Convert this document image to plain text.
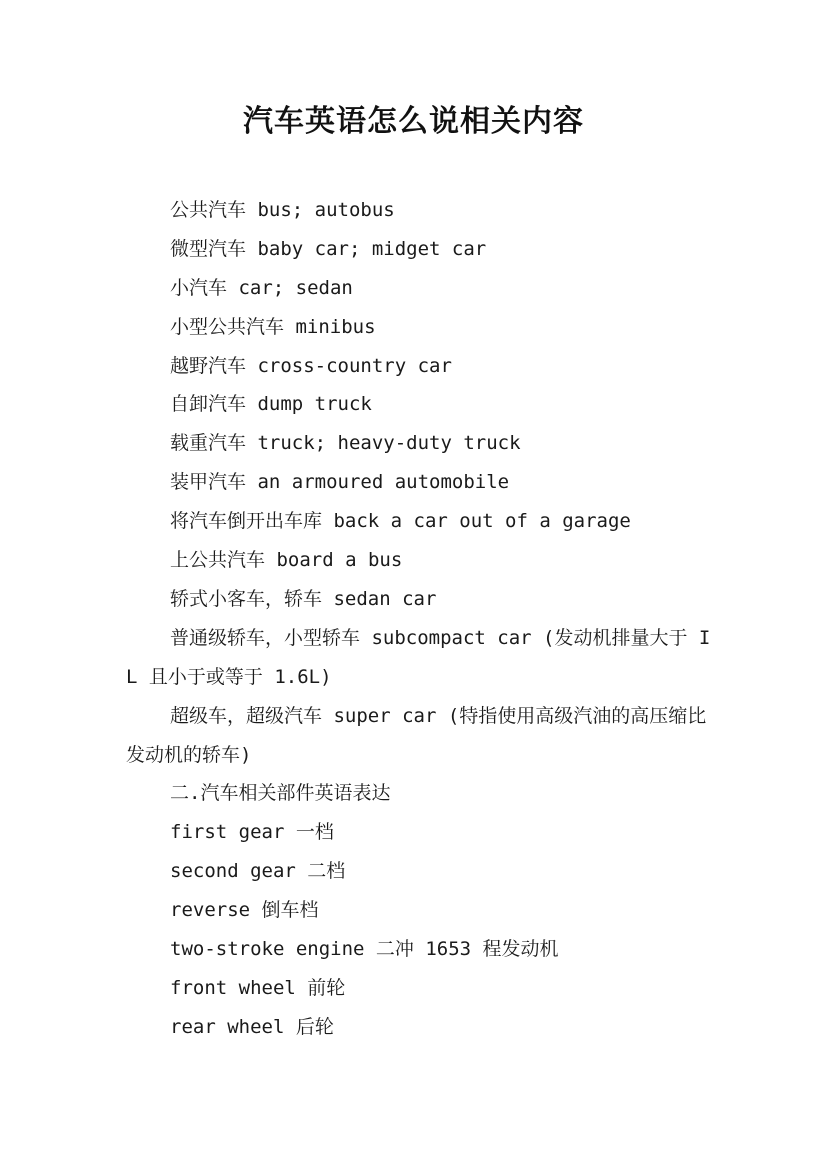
汽车英语怎么说相关内容
公共汽车 bus; autobus
微型汽车 baby car; midget car
小汽车 car; sedan
小型公共汽车 minibus
越野汽车 cross-country car
自卸汽车 dump truck
载重汽车 truck; heavy-duty truck
装甲汽车 an armoured automobile
将汽车倒开出车库 back a car out of a garage
上公共汽车 board a bus
轿式小客车，轿车 sedan car
普通级轿车，小型轿车 subcompact car (发动机排量大于 IL 且小于或等于 1.6L)
超级车，超级汽车 super car (特指使用高级汽油的高压缩比发动机的轿车)
二.汽车相关部件英语表达
first gear 一档
second gear 二档
reverse 倒车档
two-stroke engine 二冲 1653 程发动机
front wheel 前轮
rear wheel 后轮
